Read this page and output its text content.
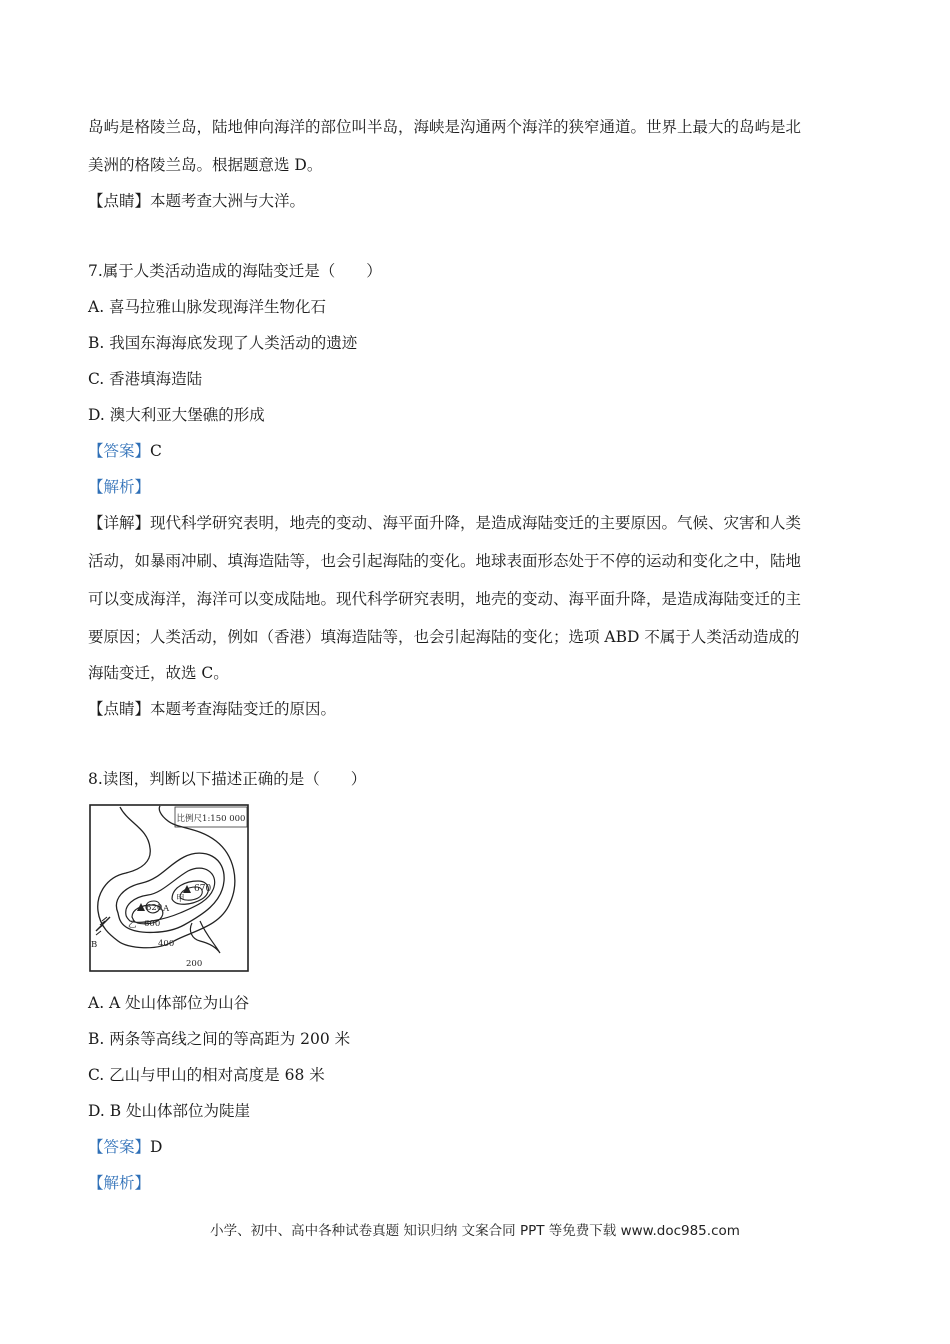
岛屿是格陵兰岛，陆地伸向海洋的部位叫半岛，海峡是沟通两个海洋的狭窄通道。世界上最大的岛屿是北
美洲的格陵兰岛。根据题意选 D。
【点睛】本题考查大洲与大洋。
7.属于人类活动造成的海陆变迁是（　　）
A. 喜马拉雅山脉发现海洋生物化石
B. 我国东海海底发现了人类活动的遗迹
C. 香港填海造陆
D. 澳大利亚大堡礁的形成
【答案】C
【解析】
【详解】现代科学研究表明，地壳的变动、海平面升降，是造成海陆变迁的主要原因。气候、灾害和人类
活动，如暴雨冲刷、填海造陆等，也会引起海陆的变化。地球表面形态处于不停的运动和变化之中，陆地
可以变成海洋，海洋可以变成陆地。现代科学研究表明，地壳的变动、海平面升降，是造成海陆变迁的主
要原因；人类活动，例如（香港）填海造陆等，也会引起海陆的变化；选项 ABD 不属于人类活动造成的
海陆变迁，故选 C。
【点睛】本题考查海陆变迁的原因。
8.读图，判断以下描述正确的是（　　）
比例尺1:150 000
670
甲
620 A
乙 600
B	400
200
A. A 处山体部位为山谷
B. 两条等高线之间的等高距为 200 米
C. 乙山与甲山的相对高度是 68 米
D. B 处山体部位为陡崖
【答案】D
【解析】
小学、初中、高中各种试卷真题 知识归纳 文案合同 PPT 等免费下载 www.doc985.com
